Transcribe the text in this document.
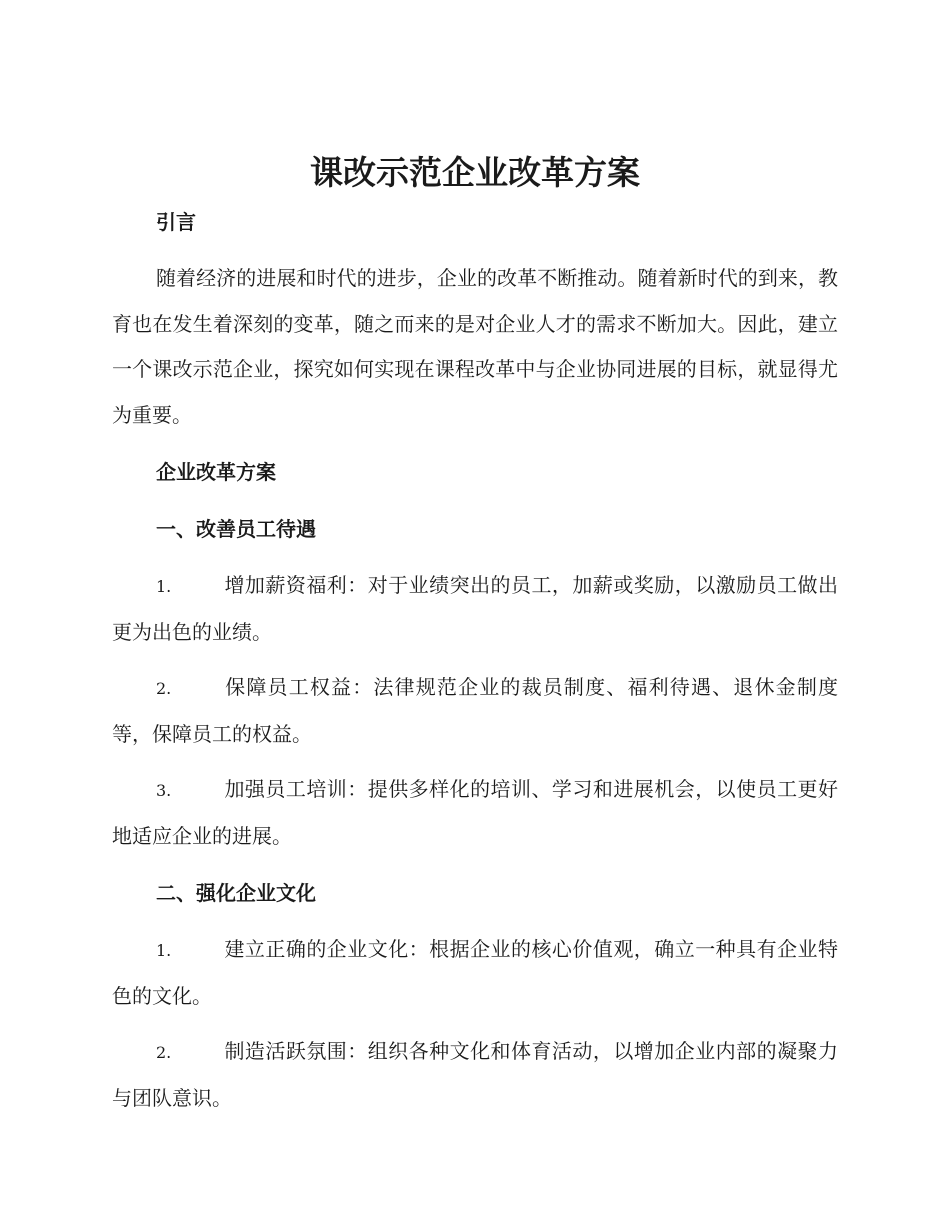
课改示范企业改革方案
引言

随着经济的进展和时代的进步，企业的改革不断推动。随着新时代的到来，教育也在发生着深刻的变革，随之而来的是对企业人才的需求不断加大。因此，建立一个课改示范企业，探究如何实现在课程改革中与企业协同进展的目标，就显得尤为重要。

企业改革方案
一、改善员工待遇

1.	增加薪资福利：对于业绩突出的员工，加薪或奖励，以激励员工做出更为出色的业绩。

2.	保障员工权益：法律规范企业的裁员制度、福利待遇、退休金制度等，保障员工的权益。

3.	加强员工培训：提供多样化的培训、学习和进展机会，以使员工更好地适应企业的进展。

二、强化企业文化

1.	建立正确的企业文化：根据企业的核心价值观，确立一种具有企业特色的文化。

2.	制造活跃氛围：组织各种文化和体育活动，以增加企业内部的凝聚力与团队意识。
